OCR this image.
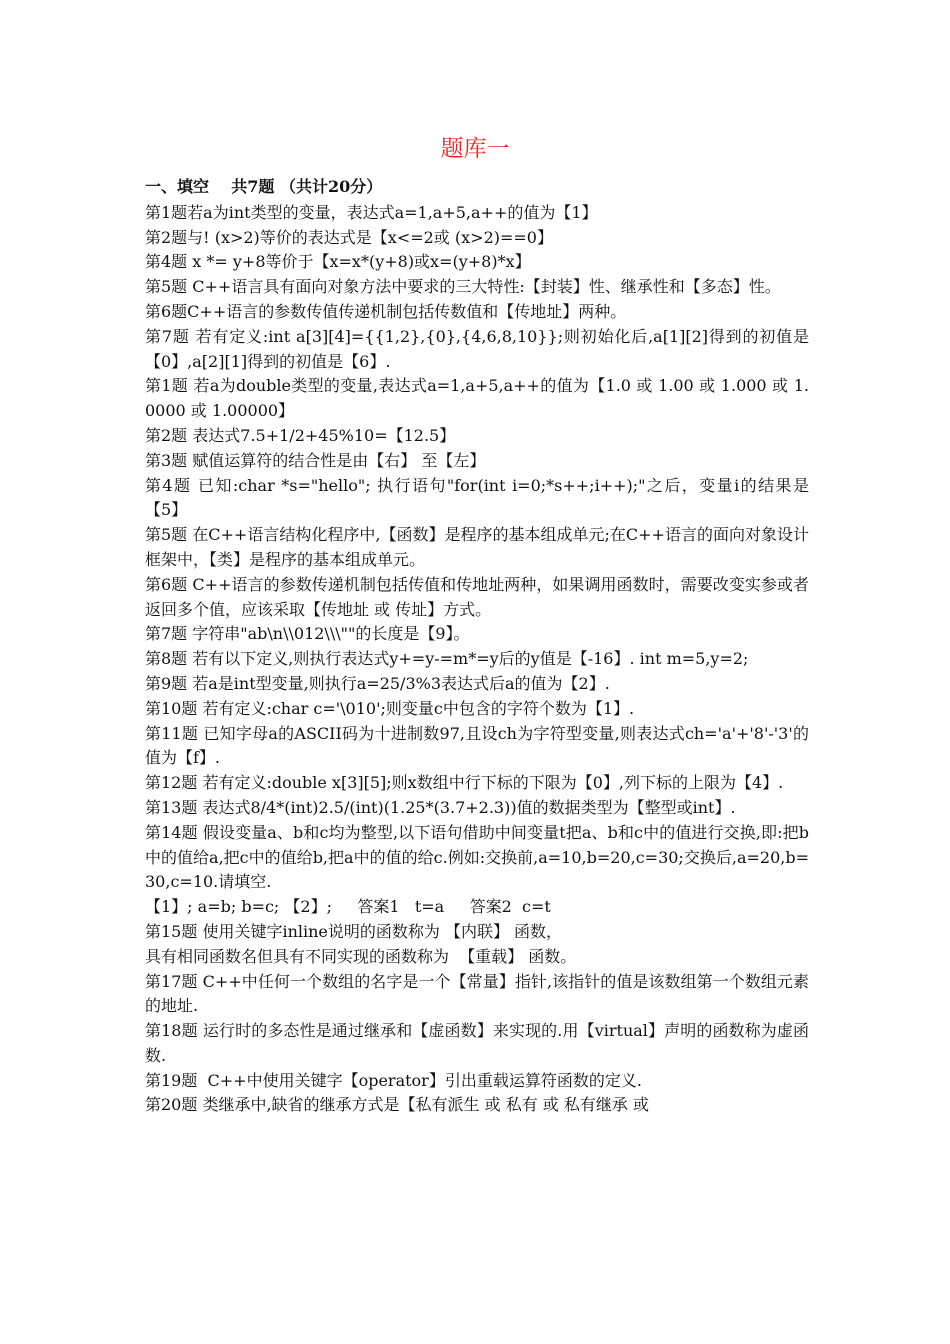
题库一
一、填空    共7题 （共计20分）

第1题若a为int类型的变量，表达式a=1,a+5,a++的值为【1】

第2题与! (x>2)等价的表达式是【x<=2或 (x>2)==0】

第4题 x *= y+8等价于【x=x*(y+8)或x=(y+8)*x】

第5题 C++语言具有面向对象方法中要求的三大特性:【封装】性、继承性和【多态】性。

第6题C++语言的参数传值传递机制包括传数值和【传地址】两种。

第7题 若有定义:int a[3][4]={{1,2},{0},{4,6,8,10}};则初始化后,a[1][2]得到的初值是【0】,a[2][1]得到的初值是【6】.

第1题 若a为double类型的变量,表达式a=1,a+5,a++的值为【1.0 或 1.00 或 1.000 或 1.0000 或 1.00000】

第2题 表达式7.5+1/2+45%10=【12.5】

第3题 赋值运算符的结合性是由【右】 至【左】

第4题 已知:char *s="hello"; 执行语句"for(int i=0;*s++;i++);"之后，变量i的结果是 【5】

第5题 在C++语言结构化程序中,【函数】是程序的基本组成单元;在C++语言的面向对象设计框架中，【类】是程序的基本组成单元。

第6题 C++语言的参数传递机制包括传值和传地址两种，如果调用函数时，需要改变实参或者返回多个值，应该采取【传地址 或 传址】方式。

第7题 字符串"ab\n\\012\\\""的长度是【9】。

第8题 若有以下定义,则执行表达式y+=y-=m*=y后的y值是【-16】. int m=5,y=2;

第9题 若a是int型变量,则执行a=25/3%3表达式后a的值为【2】.

第10题 若有定义:char c='\010';则变量c中包含的字符个数为【1】.

第11题 已知字母a的ASCII码为十进制数97,且设ch为字符型变量,则表达式ch='a'+'8'-'3'的值为【f】.

第12题 若有定义:double x[3][5];则x数组中行下标的下限为【0】,列下标的上限为【4】.

第13题 表达式8/4*(int)2.5/(int)(1.25*(3.7+2.3))值的数据类型为【整型或int】.

第14题 假设变量a、b和c均为整型,以下语句借助中间变量t把a、b和c中的值进行交换,即:把b中的值给a,把c中的值给b,把a中的值的给c.例如:交换前,a=10,b=20,c=30;交换后,a=20,b=30,c=10.请填空.

【1】; a=b; b=c; 【2】;     答案1   t=a     答案2  c=t

第15题 使用关键字inline说明的函数称为 【内联】 函数，

具有相同函数名但具有不同实现的函数称为  【重载】 函数。

第17题 C++中任何一个数组的名字是一个【常量】指针,该指针的值是该数组第一个数组元素的地址.

第18题 运行时的多态性是通过继承和【虚函数】来实现的.用【virtual】声明的函数称为虚函   数.

第19题  C++中使用关键字【operator】引出重载运算符函数的定义.

第20题 类继承中,缺省的继承方式是【私有派生 或 私有 或 私有继承 或
